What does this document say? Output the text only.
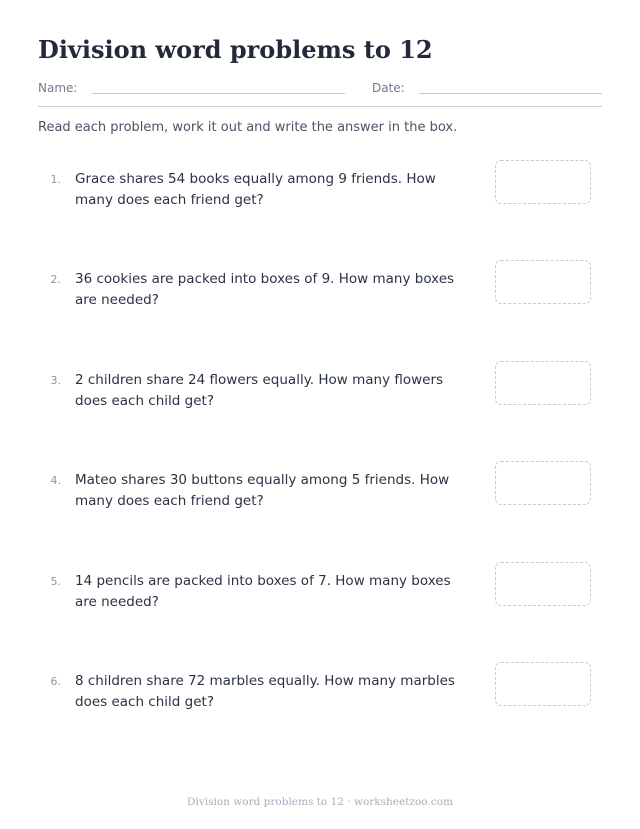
Division word problems to 12
Name:	Date:

Read each problem, work it out and write the answer in the box.

1. Grace shares 54 books equally among 9 friends. How many does each friend get?

2. 36 cookies are packed into boxes of 9. How many boxes are needed?

3. 2 children share 24 flowers equally. How many flowers does each child get?

4. Mateo shares 30 buttons equally among 5 friends. How many does each friend get?

5. 14 pencils are packed into boxes of 7. How many boxes are needed?

6. 8 children share 72 marbles equally. How many marbles does each child get?

Division word problems to 12 · worksheetzoo.com
